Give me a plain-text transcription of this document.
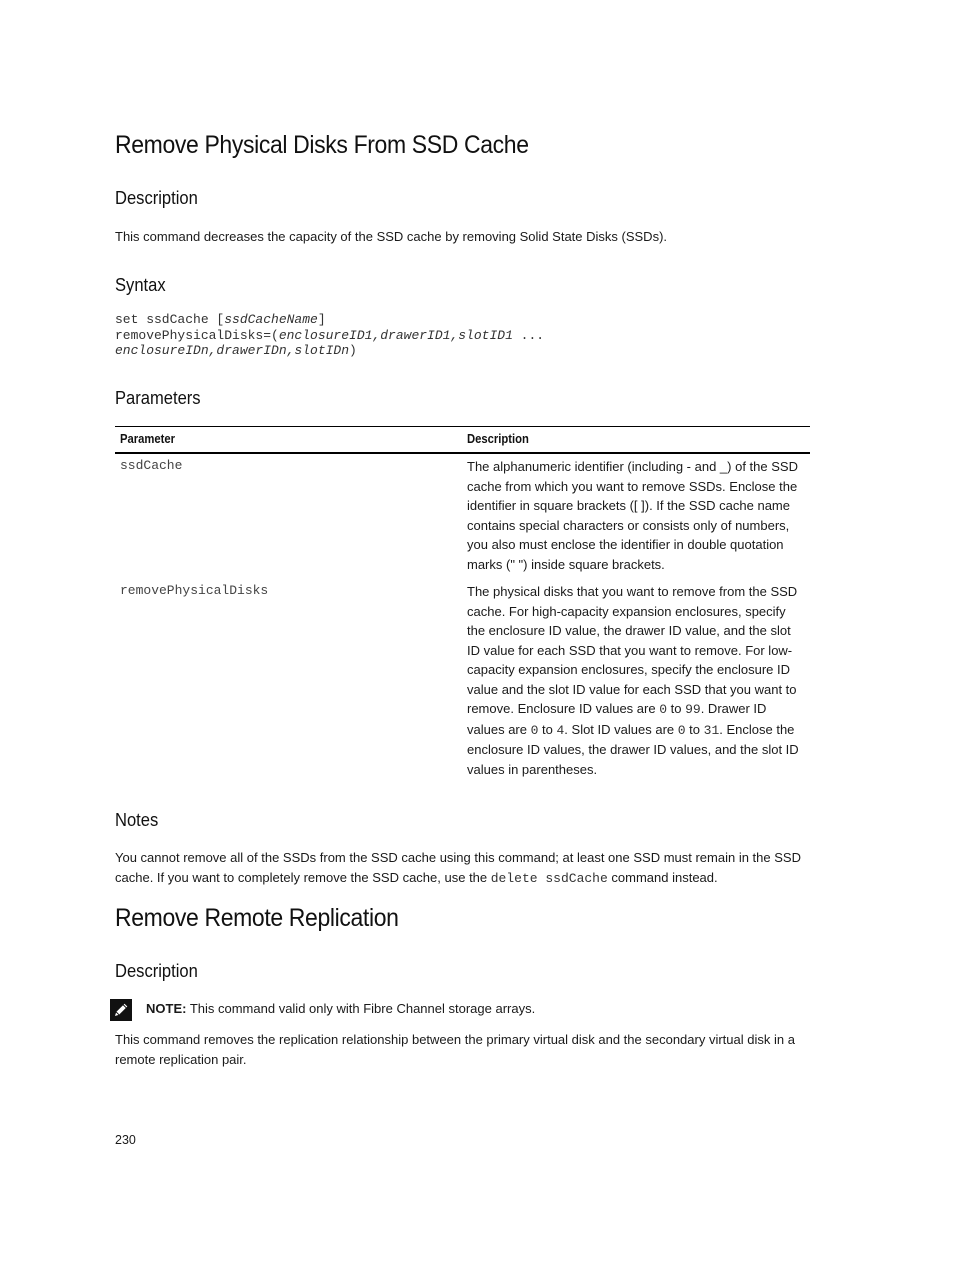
Remove Physical Disks From SSD Cache
Description

This command decreases the capacity of the SSD cache by removing Solid State Disks (SSDs).

Syntax
set ssdCache [ssdCacheName]
removePhysicalDisks=(enclosureID1,drawerID1,slotID1 ...
enclosureIDn,drawerIDn,slotIDn)
Parameters
Parameter	Description
ssdCache	The alphanumeric identifier (including - and _) of the SSD cache from which you want to remove SSDs. Enclose the identifier in square brackets ([ ]). If the SSD cache name contains special characters or consists only of numbers, you also must enclose the identifier in double quotation marks (" ") inside square brackets.
removePhysicalDisks	The physical disks that you want to remove from the SSD cache. For high-capacity expansion enclosures, specify the enclosure ID value, the drawer ID value, and the slot ID value for each SSD that you want to remove. For low-capacity expansion enclosures, specify the enclosure ID value and the slot ID value for each SSD that you want to remove. Enclosure ID values are 0 to 99. Drawer ID values are 0 to 4. Slot ID values are 0 to 31. Enclose the enclosure ID values, the drawer ID values, and the slot ID values in parentheses.
Notes

You cannot remove all of the SSDs from the SSD cache using this command; at least one SSD must remain in the SSD cache. If you want to completely remove the SSD cache, use the delete ssdCache command instead.

Remove Remote Replication
Description
NOTE: This command valid only with Fibre Channel storage arrays.

This command removes the replication relationship between the primary virtual disk and the secondary virtual disk in a remote replication pair.

230
